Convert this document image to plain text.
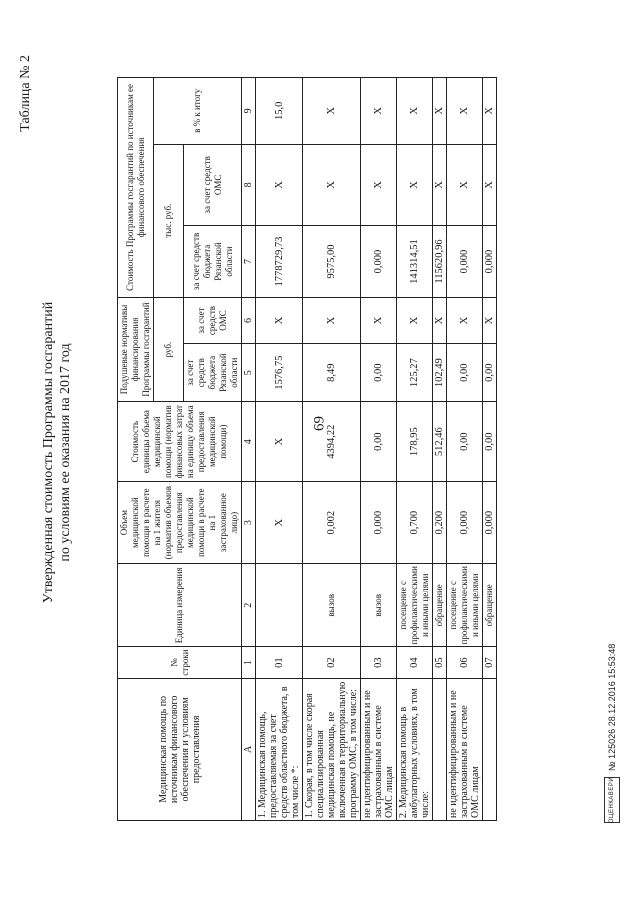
69
Таблица № 2
Утвержденная стоимость Программы госгарантий по условиям ее оказания на 2017 год
Медицинская помощь по источникам финансового обеспечения и условиям предоставления	№ строки	Единица измерения	Объем медицинской помощи в расчете на 1 жителя (норматив объемов предоставления медицинской помощи в расчете на 1 застрахованное лицо)	Стоимость единицы объема медицинской помощи (норматив финансовых затрат на единицу объема предоставления медицинской помощи)	Подушевые нормативы финансирования Программы госгарантий		Стоимость Программы госгарантий по источникам ее финансового обеспечения		
					руб.		тыс. руб.		в % к итогу
					за счет средств бюджета Рязанской области	за счет средств ОМС	за счет средств бюджета Рязанской области	за счет средств ОМС	
А	1	2	3	4	5	6	7	8	9
1. Медицинская помощь, предоставляемая за счет средств областного бюджета, в том числе *:	01		X	X	1576,75	X	1778729,73	X	15,0
1. Скорая, в том числе скорая специализированная медицинская помощь, не включенная в территориальную программу ОМС, в том числе:	02	вызов	0,002	4394,22	8,49	X	9575,00	X	X
не идентифицированным и не застрахованным в системе ОМС лицам	03	вызов	0,000	0,00	0,00	X	0,000	X	X
2. Медицинская помощь в амбулаторных условиях, в том числе:	04	посещение с профилактическими и иными целями	0,700	178,95	125,27	X	141314,51	X	X
	05	обращение	0,200	512,46	102,49	X	115620,96	X	X
не идентифицированным и не застрахованным в системе ОМС лицам	06	посещение с профилактическими и иными целями	0,000	0,00	0,00	X	0,000	X	X
	07	обращение	0,000	0,00	0,00	X	0,000	X	X
ОЦЕНКАВЕРИ
№ 125026 28.12.2016 15:53:48
